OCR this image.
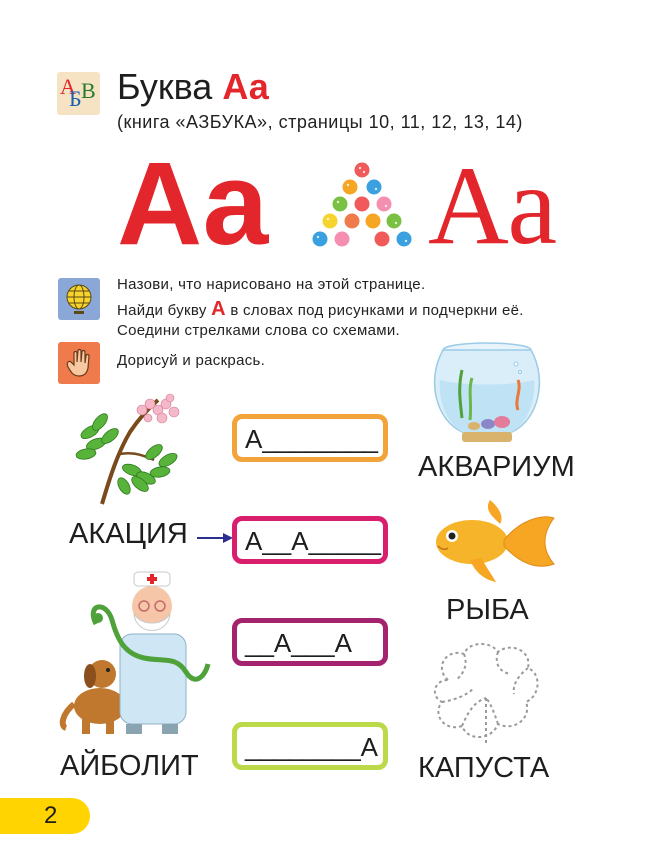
А
Б В Буква Аа
(книга «АЗБУКА», страницы 10, 11, 12, 13, 14)
Аа Аа
Назови, что нарисовано на этой странице.
Найди букву А в словах под рисунками и подчеркни её.
Соедини стрелками слова со схемами.
Дорисуй и раскрась.
АКАЦИЯ
АЙБОЛИТ
А________
А__А_____
__А___А
________А
АКВАРИУМ
РЫБА
КАПУСТА
2
